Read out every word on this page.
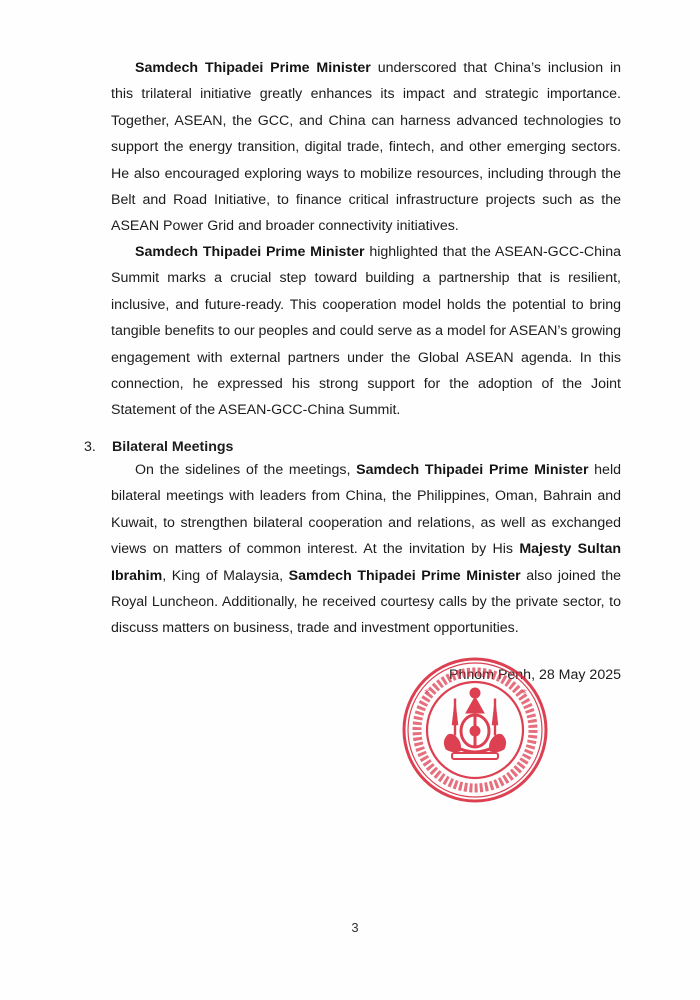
Samdech Thipadei Prime Minister underscored that China’s inclusion in this trilateral initiative greatly enhances its impact and strategic importance. Together, ASEAN, the GCC, and China can harness advanced technologies to support the energy transition, digital trade, fintech, and other emerging sectors. He also encouraged exploring ways to mobilize resources, including through the Belt and Road Initiative, to finance critical infrastructure projects such as the ASEAN Power Grid and broader connectivity initiatives.

Samdech Thipadei Prime Minister highlighted that the ASEAN-GCC-China Summit marks a crucial step toward building a partnership that is resilient, inclusive, and future-ready. This cooperation model holds the potential to bring tangible benefits to our peoples and could serve as a model for ASEAN’s growing engagement with external partners under the Global ASEAN agenda. In this connection, he expressed his strong support for the adoption of the Joint Statement of the ASEAN-GCC-China Summit.

3.	Bilateral Meetings

On the sidelines of the meetings, Samdech Thipadei Prime Minister held bilateral meetings with leaders from China, the Philippines, Oman, Bahrain and Kuwait, to strengthen bilateral cooperation and relations, as well as exchanged views on matters of common interest. At the invitation by His Majesty Sultan Ibrahim, King of Malaysia, Samdech Thipadei Prime Minister also joined the Royal Luncheon. Additionally, he received courtesy calls by the private sector, to discuss matters on business, trade and investment opportunities.

Phnom Penh, 28 May 2025
*	*
3
